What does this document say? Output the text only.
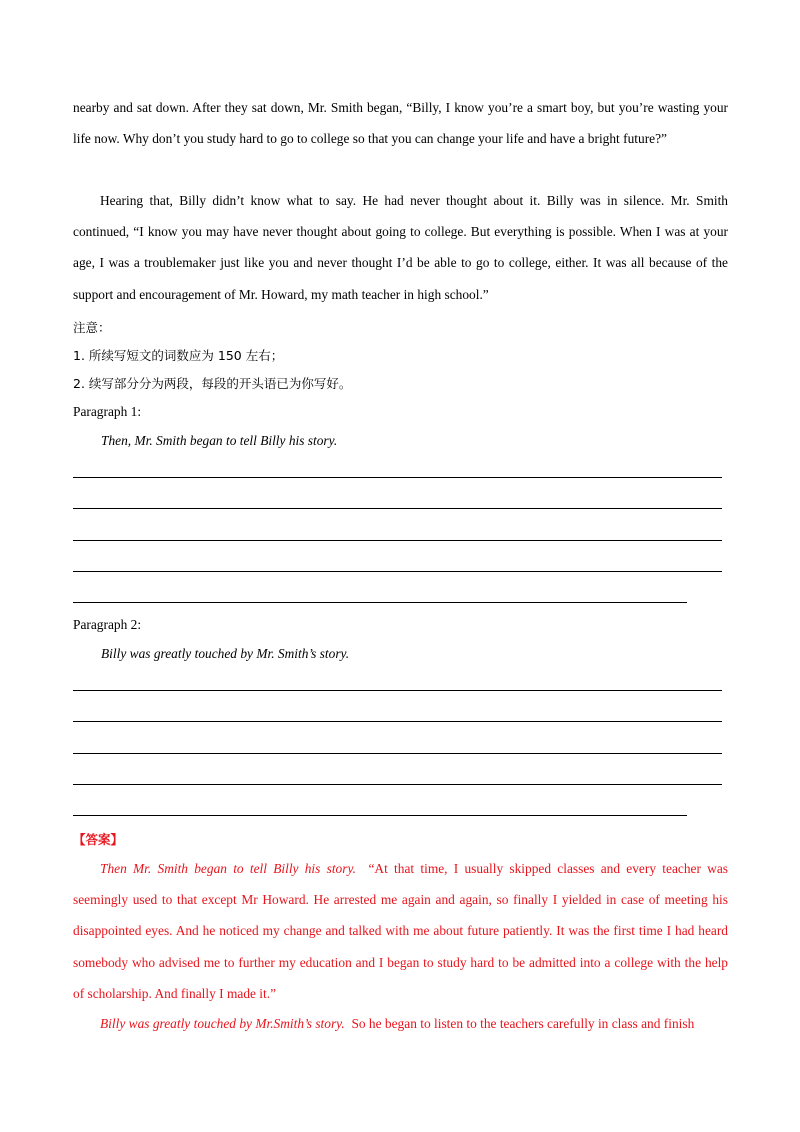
nearby and sat down. After they sat down, Mr. Smith began, “Billy, I know you’re a smart boy, but you’re wasting your life now. Why don’t you study hard to go to college so that you can change your life and have a bright future?”

Hearing that, Billy didn’t know what to say. He had never thought about it. Billy was in silence. Mr. Smith continued, “I know you may have never thought about going to college. But everything is possible. When I was at your age, I was a troublemaker just like you and never thought I’d be able to go to college, either. It was all because of the support and encouragement of Mr. Howard, my math teacher in high school.”

注意：
1. 所续写短文的词数应为 150 左右；
2. 续写部分分为两段，每段的开头语已为你写好。
Paragraph 1:
Then, Mr. Smith began to tell Billy his story.
Paragraph 2:
Billy was greatly touched by Mr. Smith’s story.
【答案】

Then Mr. Smith began to tell Billy his story. “At that time, I usually skipped classes and every teacher was seemingly used to that except Mr Howard. He arrested me again and again, so finally I yielded in case of meeting his disappointed eyes. And he noticed my change and talked with me about future patiently. It was the first time I had heard somebody who advised me to further my education and I began to study hard to be admitted into a college with the help of scholarship. And finally I made it.”

Billy was greatly touched by Mr.Smith’s story. So he began to listen to the teachers carefully in class and finish
